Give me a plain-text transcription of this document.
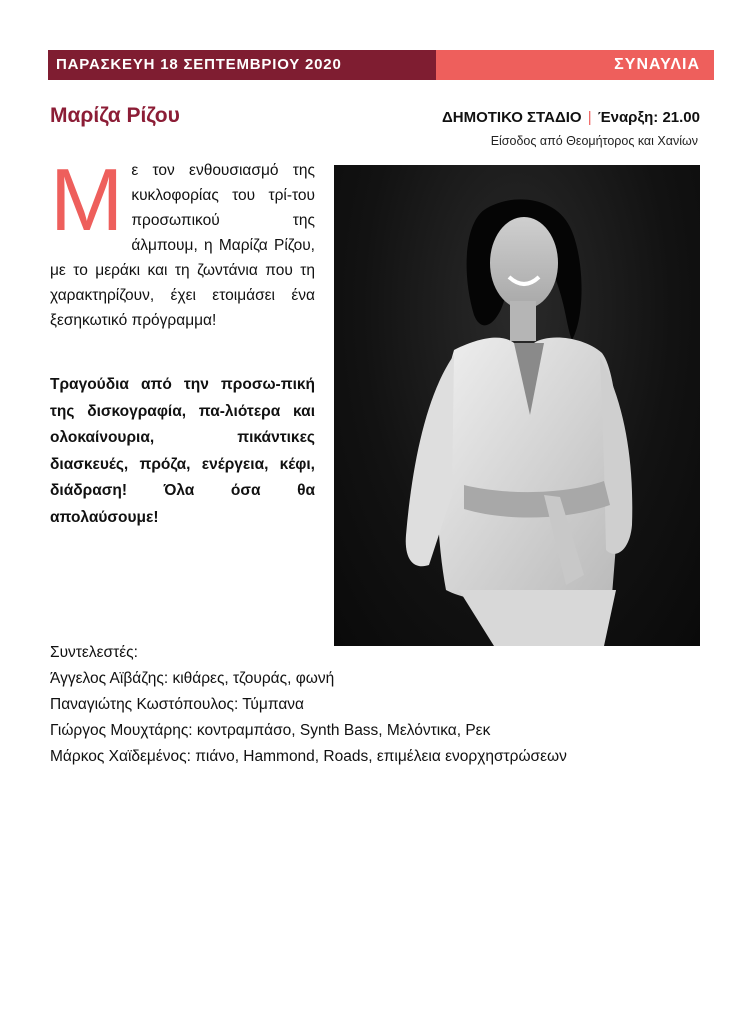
ΠΑΡΑΣΚΕΥΗ 18 ΣΕΠΤΕΜΒΡΙΟΥ 2020	ΣΥΝΑΥΛΙΑ
Μαρίζα Ρίζου	ΔΗΜΟΤΙΚΟ ΣΤΑΔΙΟ | Έναρξη: 21.00
Είσοδος από Θεομήτορος και Χανίων

Με τον ενθουσιασμό της κυκλοφορίας του τρί-του προσωπικού της άλμπουμ, η Μαρίζα Ρίζου, με το μεράκι και τη ζωντάνια που τη χαρακτηρίζουν, έχει ετοιμάσει ένα ξεσηκωτικό πρόγραμμα!

Τραγούδια από την προσω-πική της δισκογραφία, πα-λιότερα και ολοκαίνουρια, πικάντικες διασκευές, πρόζα, ενέργεια, κέφι, διάδραση! Όλα όσα θα απολαύσουμε!

Συντελεστές:
Άγγελος Αϊβάζης: κιθάρες, τζουράς, φωνή
Παναγιώτης Κωστόπουλος: Τύμπανα
Γιώργος Μουχτάρης: κοντραμπάσο, Synth Bass, Μελόντικα, Ρεκ
Μάρκος Χαϊδεμένος: πιάνο, Hammond, Roads, επιμέλεια ενορχηστρώσεων
